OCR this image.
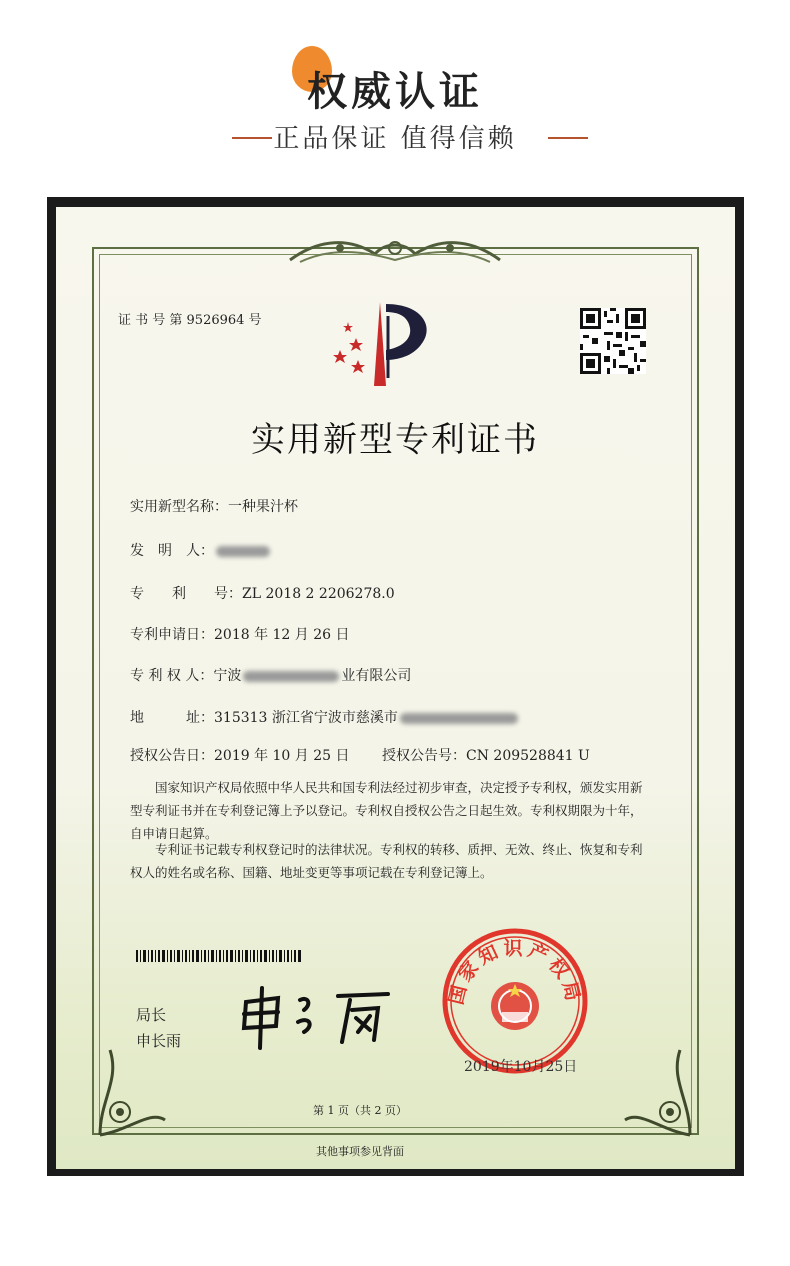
权威认证
正品保证 值得信赖
证 书 号 第 9526964 号
实用新型专利证书
实用新型名称：一种果汁杯
发　明　人：
专　　利　　号：ZL 2018 2 2206278.0
专利申请日：2018 年 12 月 26 日
专 利 权 人：宁波	业有限公司
地　　　址：315313 浙江省宁波市慈溪市
授权公告日：2019 年 10 月 25 日 授权公告号：CN 209528841 U
国家知识产权局依照中华人民共和国专利法经过初步审查，决定授予专利权，颁发实用新型专利证书并在专利登记簿上予以登记。专利权自授权公告之日起生效。专利权期限为十年，自申请日起算。
专利证书记载专利权登记时的法律状况。专利权的转移、质押、无效、终止、恢复和专利权人的姓名或名称、国籍、地址变更等事项记载在专利登记簿上。
局长
申长雨
国家知识产权局
2019年10月25日
第 1 页（共 2 页）
其他事项参见背面
